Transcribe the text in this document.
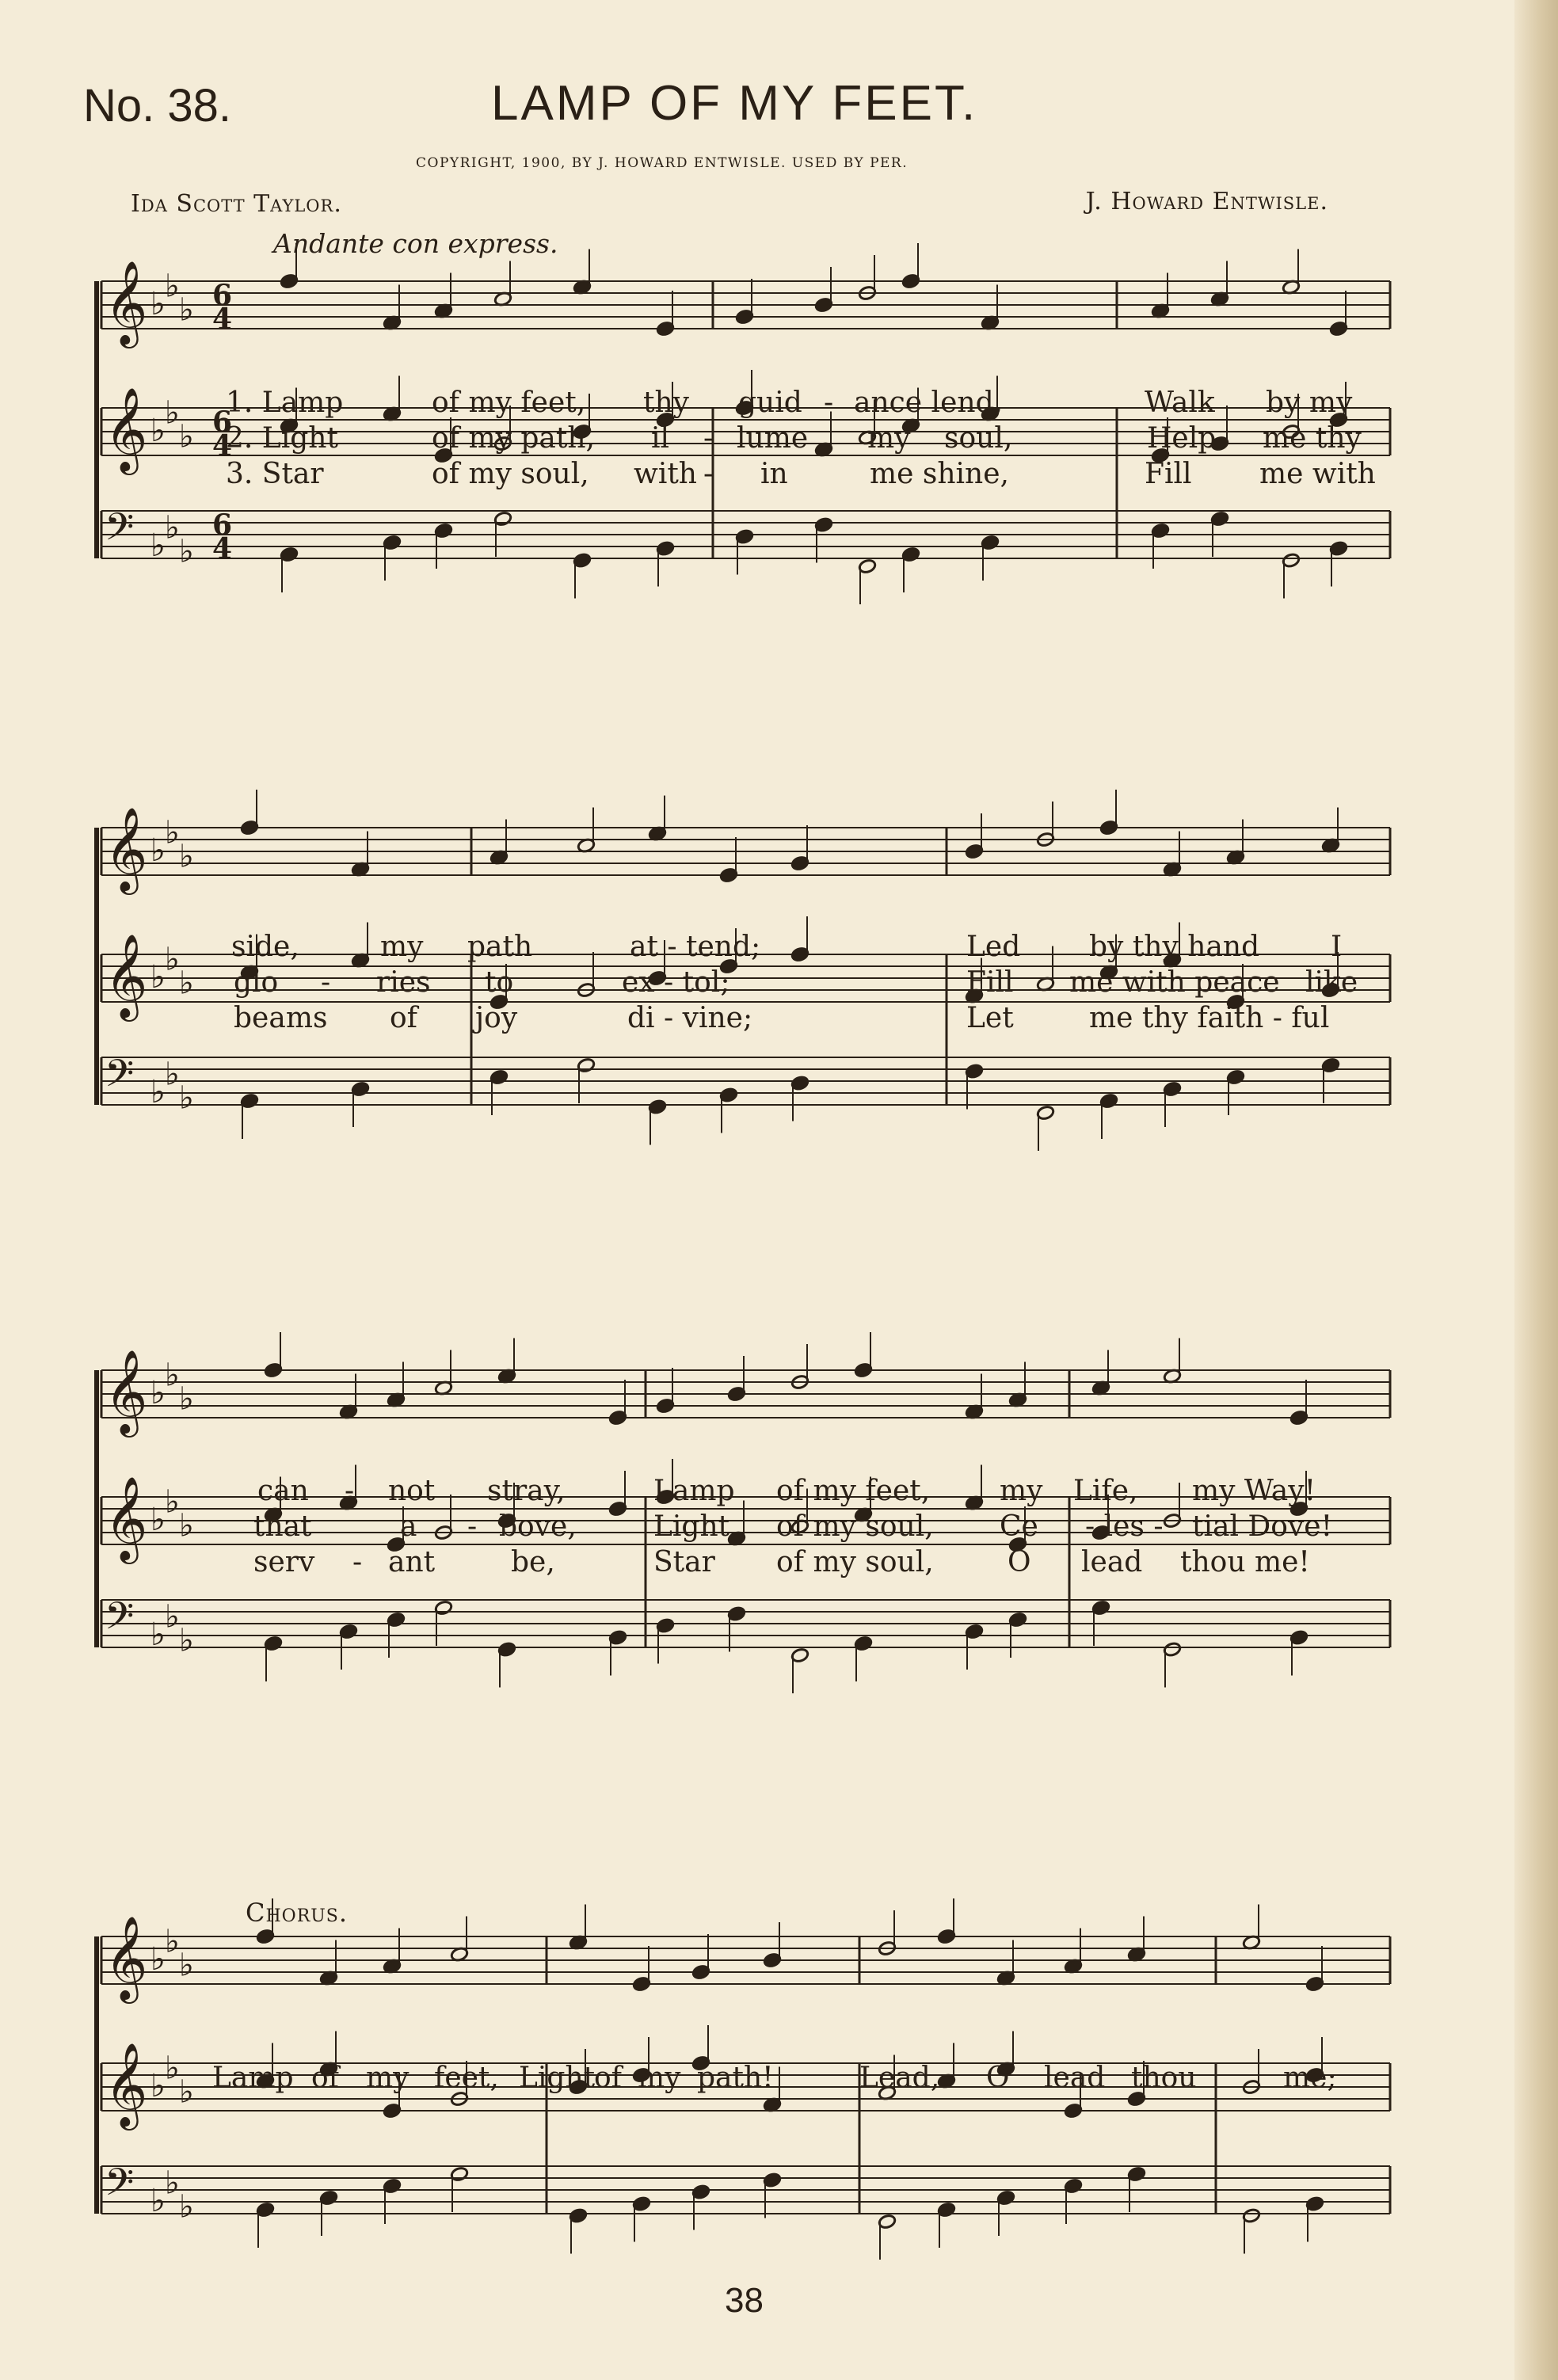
𝄞 ♭ ♭
♭ 6
4
𝄞 ♭ ♭
♭ 6
4
𝄢 ♭ ♭
♭
6
4
𝄞 ♭ ♭
♭
𝄞 ♭ ♭
♭
𝄢 ♭ ♭
♭
𝄞 ♭ ♭
♭
𝄞 ♭ ♭
♭
𝄢 ♭ ♭
♭
𝄞 ♭ ♭
♭
𝄞 ♭ ♭
♭
𝄢 ♭ ♭
♭
No. 38.	LAMP OF MY FEET.
COPYRIGHT, 1900, BY J. HOWARD ENTWISLE. USED BY PER.
Ida Scott Taylor.	J. Howard Entwisle.
Andante con express.
1. Lamp	of my feet, thy guid - ance lend,	Walk by my
2. Light	of my path, il - lume my soul,	Help me thy
3. Star	of my soul, with - in	me shine,	Fill me with
side,	my path	at - tend;	Led by thy hand I
glo - ries to	ex - tol;	Fill me with peace like
beams of joy	di - vine;	Let	me thy faith - ful
can - not stray,	Lamp of my feet, my Life, my Way!
that	a - bove,	Light of my soul, Ce - les - tial Dove!
serv - ant	be,	Star of my soul,	O lead thou me!
Chorus.
Lamp of my feet, Light
of my path!	Lead, O lead thou	me;
38
